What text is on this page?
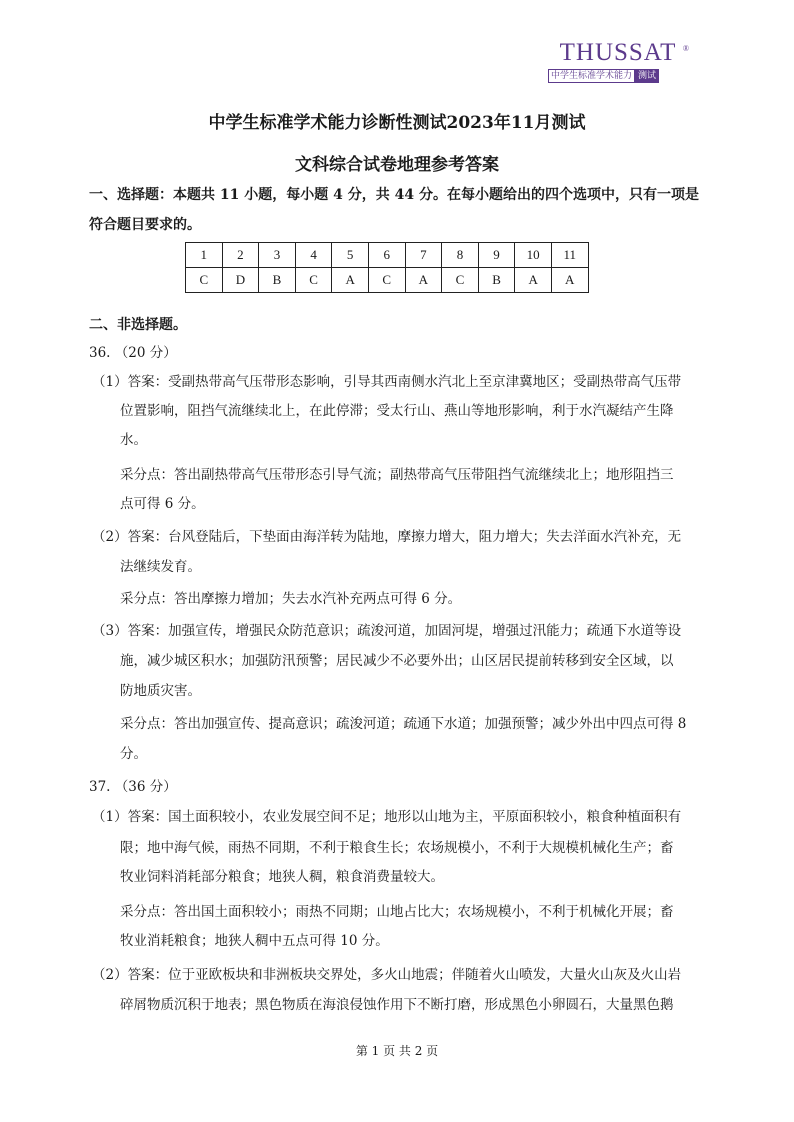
THUSSAT ®
中学生标准学术能力 测试
中学生标准学术能力诊断性测试2023年11月测试
文科综合试卷地理参考答案
一、选择题：本题共 11 小题，每小题 4 分，共 44 分。在每小题给出的四个选项中，只有一项是符合题目要求的。
1	2	3	4	5	6	7	8	9	10	11
C	D	B	C	A	C	A	C	B	A	A
二、非选择题。
36. （20 分）
（1）答案：受副热带高气压带形态影响，引导其西南侧水汽北上至京津冀地区；受副热带高气压带
位置影响，阻挡气流继续北上，在此停滞；受太行山、燕山等地形影响，利于水汽凝结产生降
水。
采分点：答出副热带高气压带形态引导气流；副热带高气压带阻挡气流继续北上；地形阻挡三
点可得 6 分。
（2）答案：台风登陆后，下垫面由海洋转为陆地，摩擦力增大，阻力增大；失去洋面水汽补充，无
法继续发育。
采分点：答出摩擦力增加；失去水汽补充两点可得 6 分。
（3）答案：加强宣传，增强民众防范意识；疏浚河道，加固河堤，增强过汛能力；疏通下水道等设
施，减少城区积水；加强防汛预警；居民减少不必要外出；山区居民提前转移到安全区域，以
防地质灾害。
采分点：答出加强宣传、提高意识；疏浚河道；疏通下水道；加强预警；减少外出中四点可得 8
分。
37. （36 分）
（1）答案：国土面积较小，农业发展空间不足；地形以山地为主，平原面积较小，粮食种植面积有
限；地中海气候，雨热不同期，不利于粮食生长；农场规模小，不利于大规模机械化生产；畜
牧业饲料消耗部分粮食；地狭人稠，粮食消费量较大。
采分点：答出国土面积较小；雨热不同期；山地占比大；农场规模小，不利于机械化开展；畜
牧业消耗粮食；地狭人稠中五点可得 10 分。
（2）答案：位于亚欧板块和非洲板块交界处，多火山地震；伴随着火山喷发，大量火山灰及火山岩
碎屑物质沉积于地表；黑色物质在海浪侵蚀作用下不断打磨，形成黑色小卵圆石，大量黑色鹅
第 1 页 共 2 页
